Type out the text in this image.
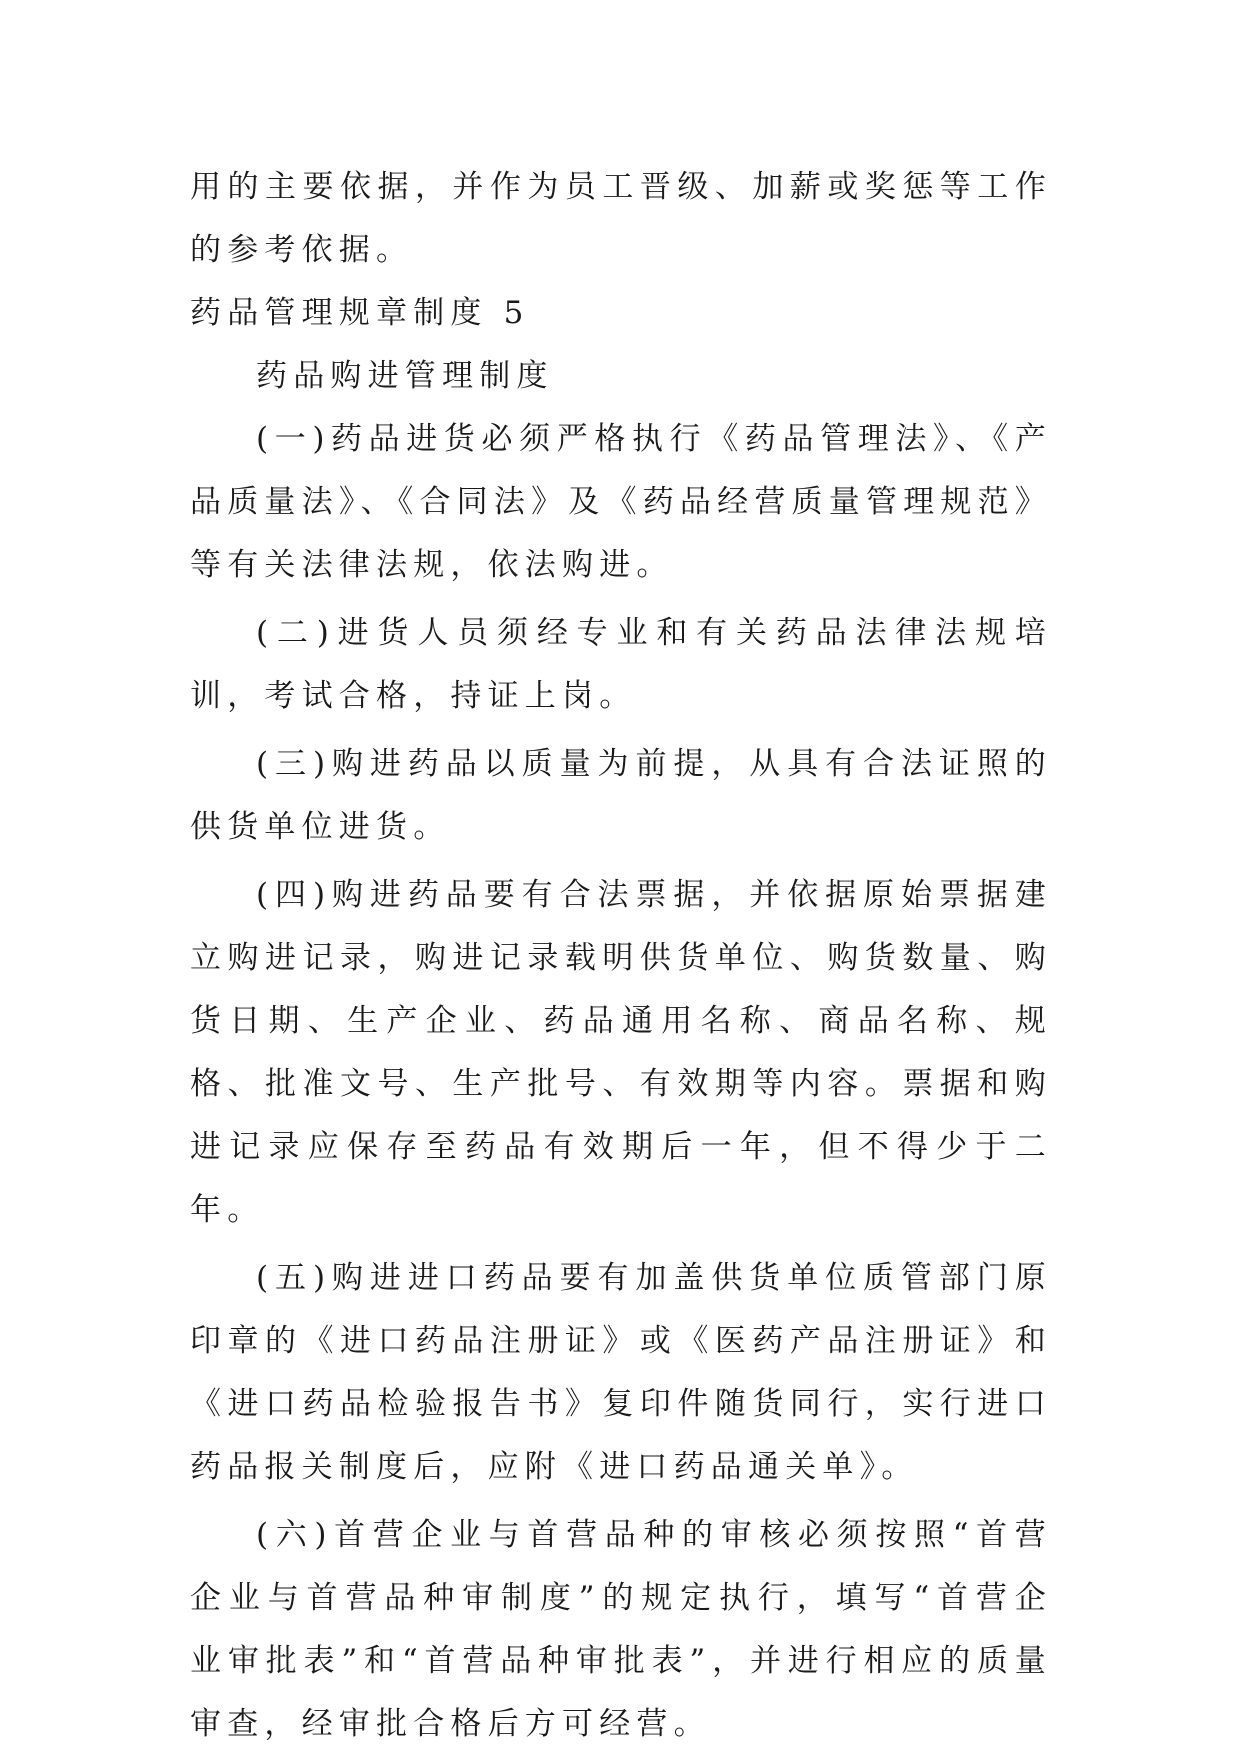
用的主要依据，并作为员工晋级、加薪或奖惩等工作的参考依据。

药品管理规章制度 5

药品购进管理制度

(一)药品进货必须严格执行《药品管理法》、《产品质量法》、《合同法》及《药品经营质量管理规范》等有关法律法规，依法购进。

(二)进货人员须经专业和有关药品法律法规培训，考试合格，持证上岗。

(三)购进药品以质量为前提，从具有合法证照的供货单位进货。

(四)购进药品要有合法票据，并依据原始票据建立购进记录，购进记录载明供货单位、购货数量、购货日期、生产企业、药品通用名称、商品名称、规格、批准文号、生产批号、有效期等内容。票据和购进记录应保存至药品有效期后一年，但不得少于二年。

(五)购进进口药品要有加盖供货单位质管部门原印章的《进口药品注册证》或《医药产品注册证》和《进口药品检验报告书》复印件随货同行，实行进口药品报关制度后，应附《进口药品通关单》。

(六)首营企业与首营品种的审核必须按照“首营企业与首营品种审制度”的规定执行，填写“首营企业审批表”和“首营品种审批表”，并进行相应的质量审查，经审批合格后方可经营。
